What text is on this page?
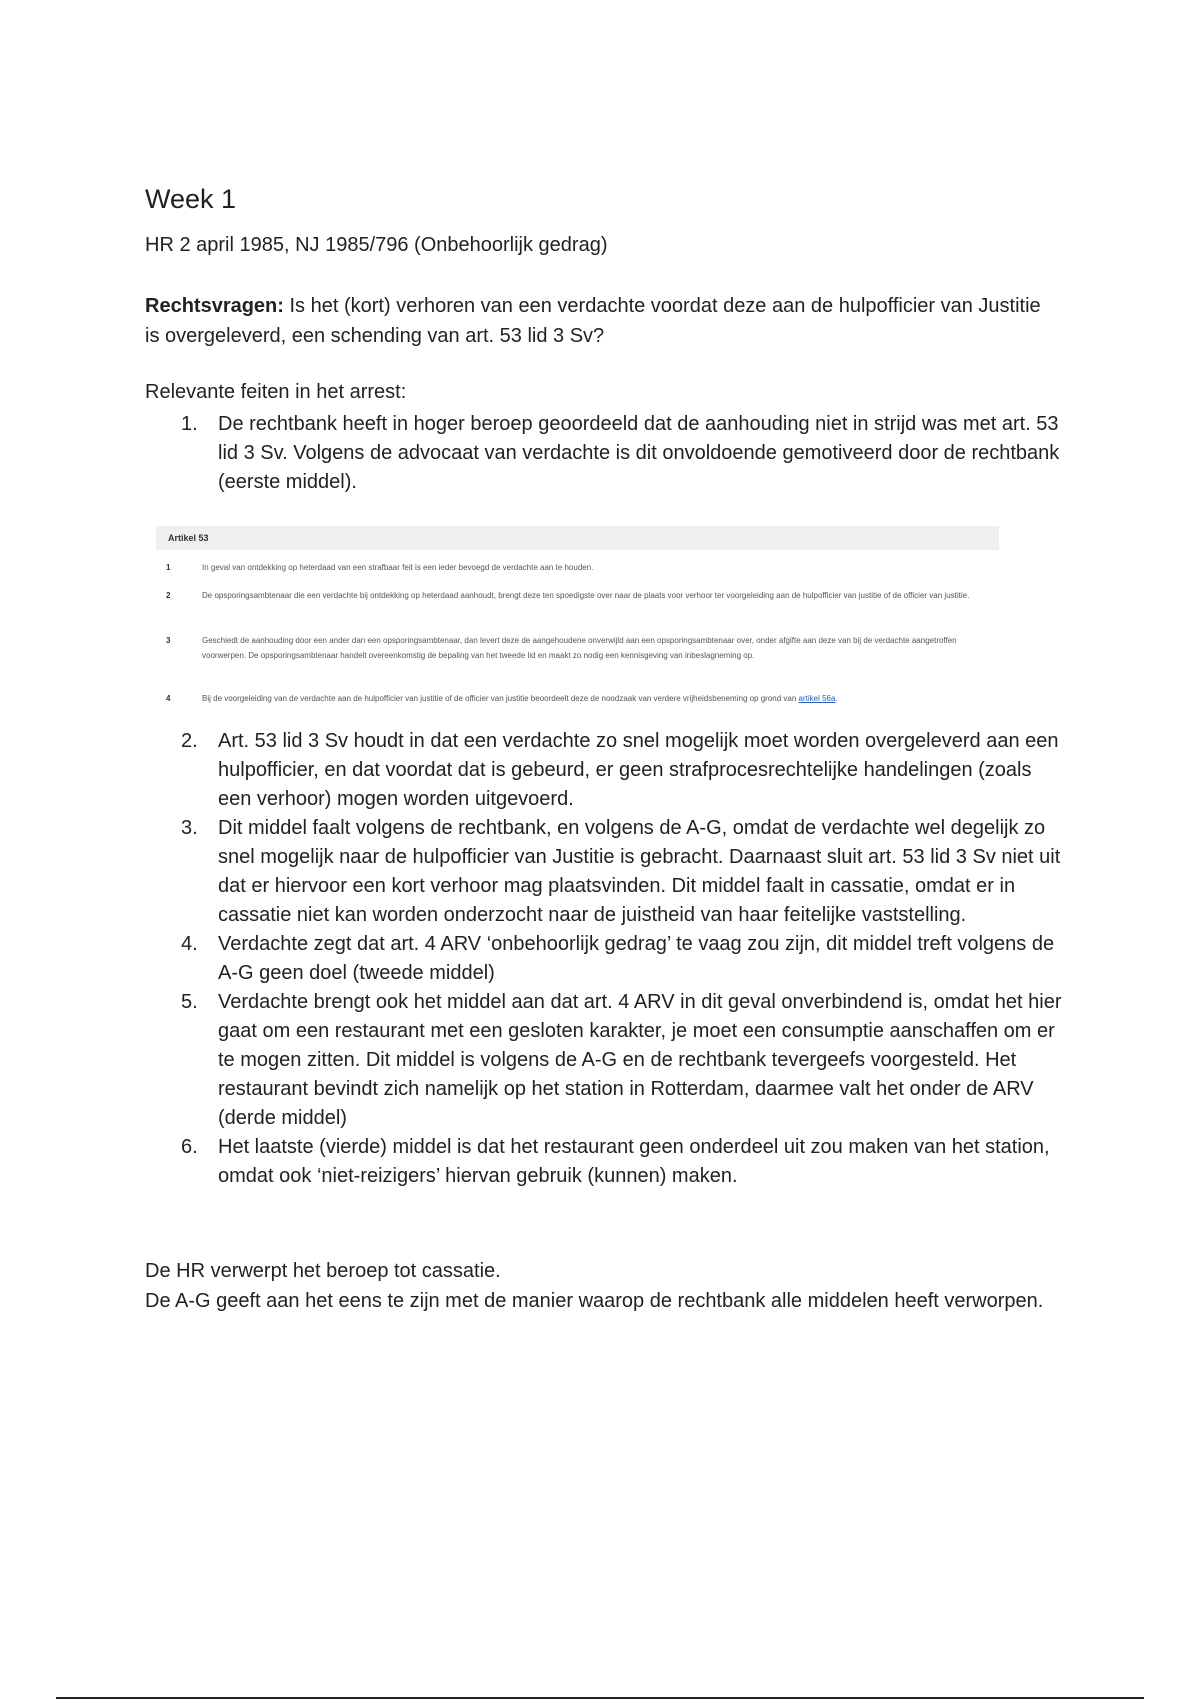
Week 1

HR 2 april 1985, NJ 1985/796 (Onbehoorlijk gedrag)

Rechtsvragen: Is het (kort) verhoren van een verdachte voordat deze aan de hulpofficier van Justitie is overgeleverd, een schending van art. 53 lid 3 Sv?

Relevante feiten in het arrest:

1. De rechtbank heeft in hoger beroep geoordeeld dat de aanhouding niet in strijd was met art. 53 lid 3 Sv. Volgens de advocaat van verdachte is dit onvoldoende gemotiveerd door de rechtbank (eerste middel).
2. Art. 53 lid 3 Sv houdt in dat een verdachte zo snel mogelijk moet worden overgeleverd aan een hulpofficier, en dat voordat dat is gebeurd, er geen strafprocesrechtelijke handelingen (zoals een verhoor) mogen worden uitgevoerd.
3. Dit middel faalt volgens de rechtbank, en volgens de A-G, omdat de verdachte wel degelijk zo snel mogelijk naar de hulpofficier van Justitie is gebracht. Daarnaast sluit art. 53 lid 3 Sv niet uit dat er hiervoor een kort verhoor mag plaatsvinden. Dit middel faalt in cassatie, omdat er in cassatie niet kan worden onderzocht naar de juistheid van haar feitelijke vaststelling.
4. Verdachte zegt dat art. 4 ARV ‘onbehoorlijk gedrag’ te vaag zou zijn, dit middel treft volgens de A-G geen doel (tweede middel)
5. Verdachte brengt ook het middel aan dat art. 4 ARV in dit geval onverbindend is, omdat het hier gaat om een restaurant met een gesloten karakter, je moet een consumptie aanschaffen om er te mogen zitten. Dit middel is volgens de A-G en de rechtbank tevergeefs voorgesteld. Het restaurant bevindt zich namelijk op het station in Rotterdam, daarmee valt het onder de ARV (derde middel)
6. Het laatste (vierde) middel is dat het restaurant geen onderdeel uit zou maken van het station, omdat ook ‘niet-reizigers’ hiervan gebruik (kunnen) maken.

De HR verwerpt het beroep tot cassatie.
De A-G geeft aan het eens te zijn met de manier waarop de rechtbank alle middelen heeft verworpen.

Artikel 53
1	In geval van ontdekking op heterdaad van een strafbaar feit is een ieder bevoegd de verdachte aan te houden.
2	De opsporingsambtenaar die een verdachte bij ontdekking op heterdaad aanhoudt, brengt deze ten spoedigste over naar de plaats voor verhoor ter voorgeleiding aan de hulpofficier van justitie of de officier van justitie.
3	Geschiedt de aanhouding door een ander dan een opsporingsambtenaar, dan levert deze de aangehoudene onverwijld aan een opsporingsambtenaar over, onder afgifte aan deze van bij de verdachte aangetroffen voorwerpen. De opsporingsambtenaar handelt overeenkomstig de bepaling van het tweede lid en maakt zo nodig een kennisgeving van inbeslagneming op.
4	Bij de voorgeleiding van de verdachte aan de hulpofficier van justitie of de officier van justitie beoordeelt deze de noodzaak van verdere vrijheidsbeneming op grond van artikel 56a.
